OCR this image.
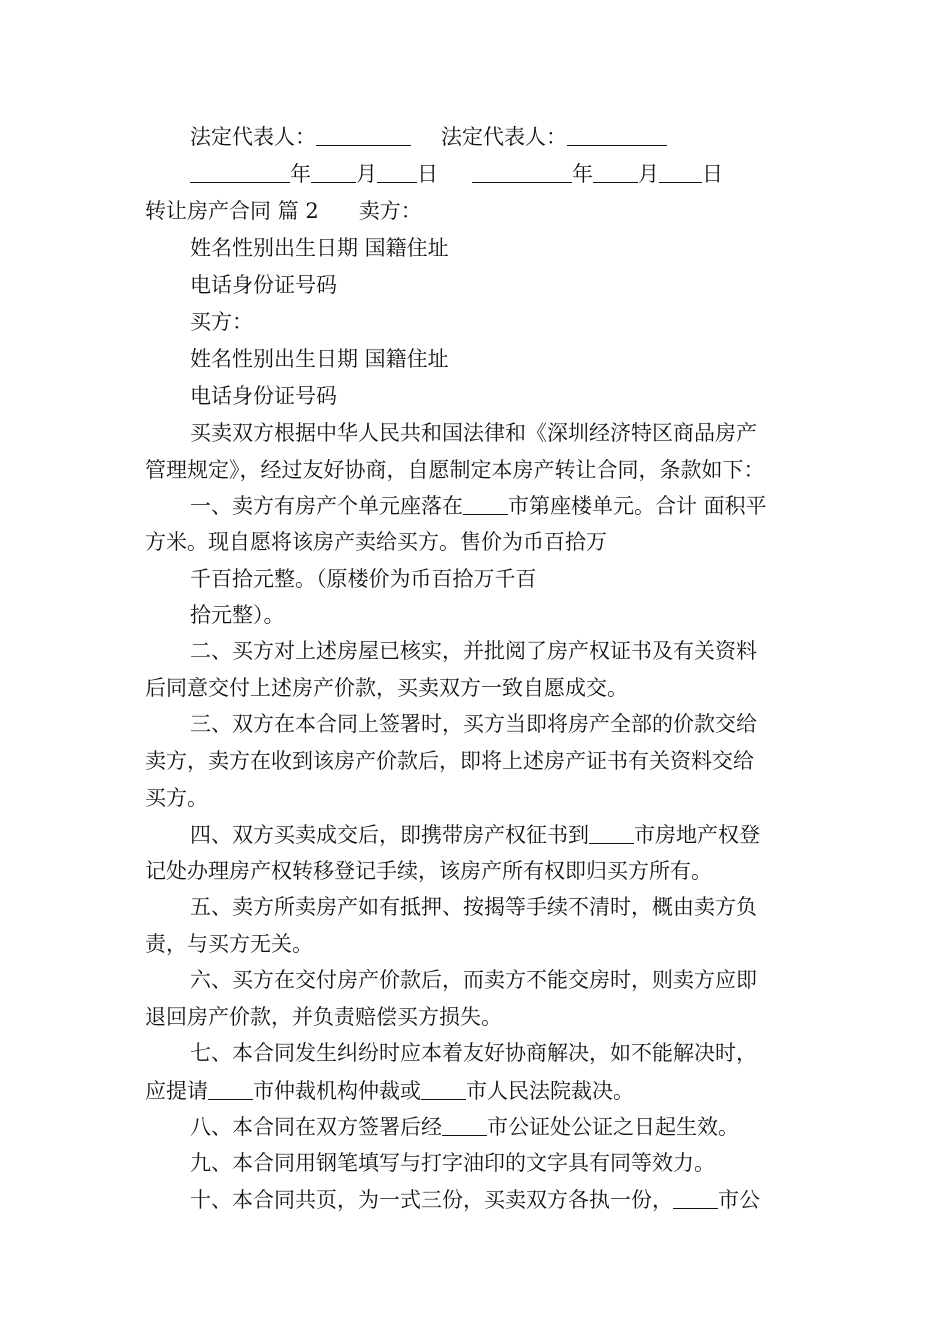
法定代表人：	法定代表人：
年 月 日	年 月 日
转让房产合同 篇 2 卖方：
姓名性别出生日期 国籍住址
电话身份证号码
买方：
姓名性别出生日期 国籍住址
电话身份证号码
买卖双方根据中华人民共和国法律和《深圳经济特区商品房产
管理规定》，经过友好协商，自愿制定本房产转让合同，条款如下：
一、卖方有房产个单元座落在 市第座楼单元。合计 面积平
方米。现自愿将该房产卖给买方。售价为币百拾万
千百拾元整。（原楼价为币百拾万千百
拾元整）。
二、买方对上述房屋已核实，并批阅了房产权证书及有关资料
后同意交付上述房产价款，买卖双方一致自愿成交。
三、双方在本合同上签署时，买方当即将房产全部的价款交给
卖方，卖方在收到该房产价款后，即将上述房产证书有关资料交给
买方。
四、双方买卖成交后，即携带房产权征书到 市房地产权登
记处办理房产权转移登记手续，该房产所有权即归买方所有。
五、卖方所卖房产如有抵押、按揭等手续不清时，概由卖方负
责，与买方无关。
六、买方在交付房产价款后，而卖方不能交房时，则卖方应即
退回房产价款，并负责赔偿买方损失。
七、本合同发生纠纷时应本着友好协商解决，如不能解决时，
应提请 市仲裁机构仲裁或 市人民法院裁决。
八、本合同在双方签署后经 市公证处公证之日起生效。
九、本合同用钢笔填写与打字油印的文字具有同等效力。
十、本合同共页，为一式三份，买卖双方各执一份， 市公
